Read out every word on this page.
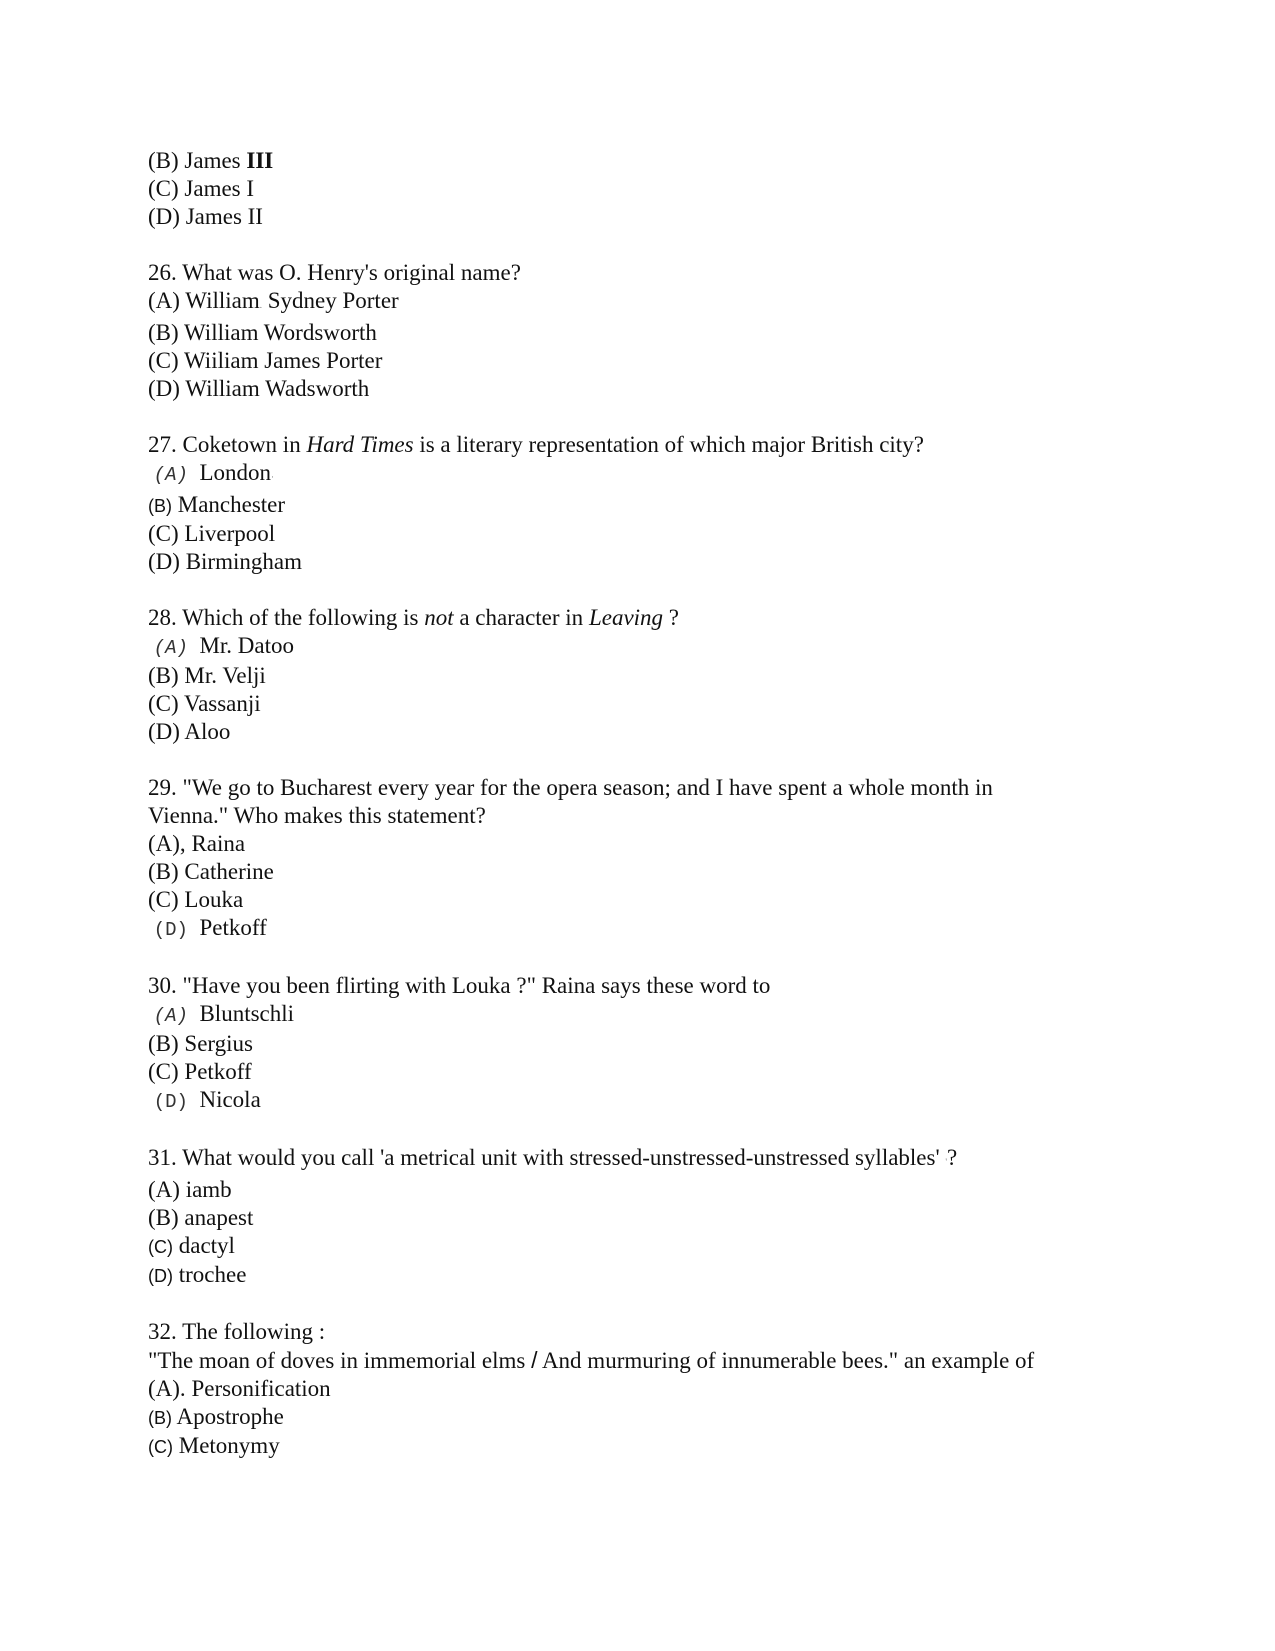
(B) James III
(C) James I
(D) James II
26. What was O. Henry's original name?
(A) William. Sydney Porter
(B) William Wordsworth
(C) Wiiliam James Porter
(D) William Wadsworth
27. Coketown in Hard Times is a literary representation of which major British city?
(A) London·
(B) Manchester
(C) Liverpool
(D) Birmingham
28. Which of the following is not a character in Leaving ?
(A) Mr. Datoo
(B) Mr. Velji
(C) Vassanji
(D) Aloo
29. "We go to Bucharest every year for the opera season; and I have spent a whole month in
Vienna." Who makes this statement?
(A), Raina
(B) Catherine
(C) Louka
(D) Petkoff
30. "Have you been flirting with Louka ?" Raina says these word to
(A) Bluntschli
(B) Sergius
(C) Petkoff
(D) Nicola
31. What would you call 'a metrical unit with stressed-unstressed-unstressed syllables' '?
(A) iamb
(B) anapest
(C) dactyl
(D) trochee
32. The following :
"The moan of doves in immemorial elms / And murmuring of innumerable bees." an example of
(A). Personification
(B) Apostrophe
(C) Metonymy
